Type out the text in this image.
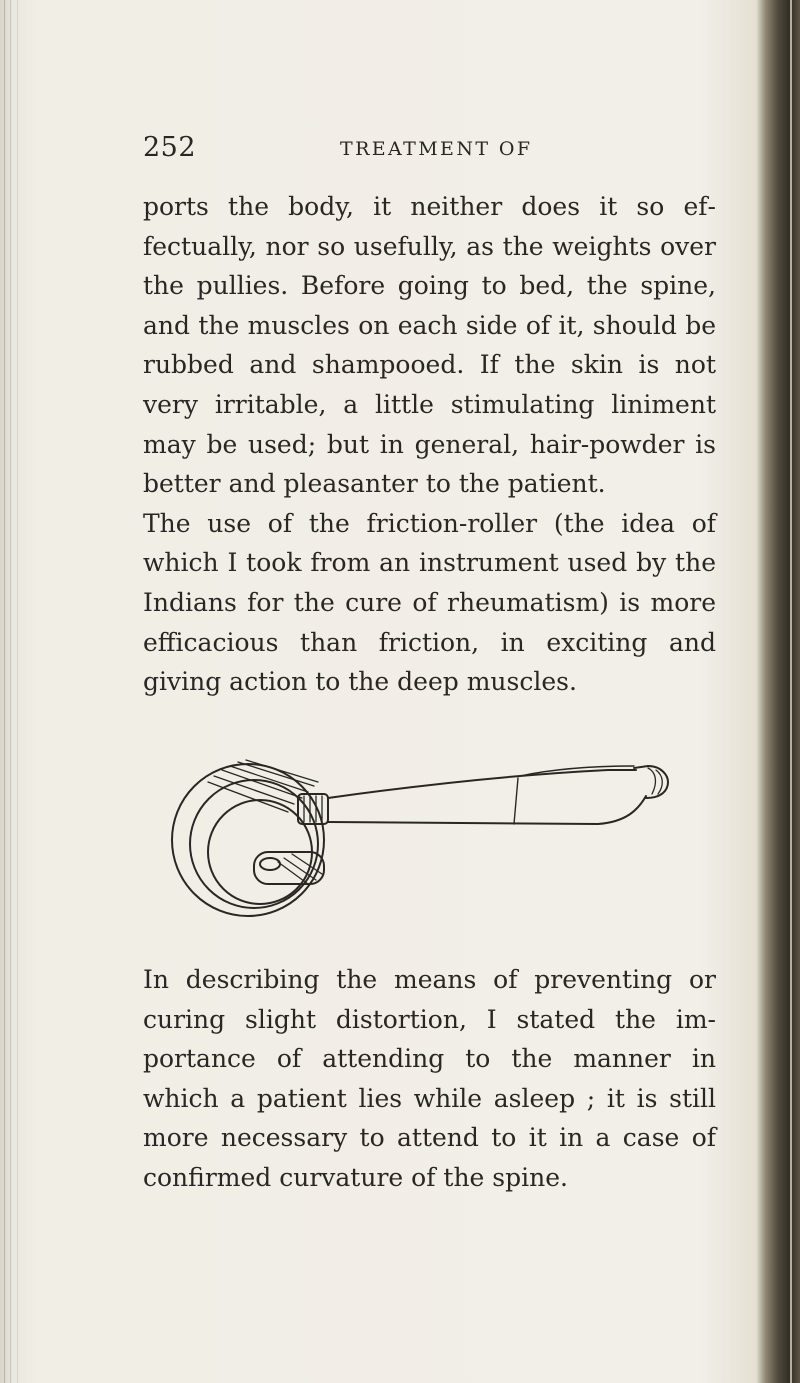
252	TREATMENT OF

ports the body, it neither does it so effectually, nor so usefully, as the weights over the pullies. Before going to bed, the spine, and the muscles on each side of it, should be rubbed and shampooed. If the skin is not very irritable, a little stimulating liniment may be used; but in general, hair-powder is better and pleasanter to the patient.

The use of the friction-roller (the idea of which I took from an instrument used by the Indians for the cure of rheumatism) is more efficacious than friction, in exciting and giving action to the deep muscles.

In describing the means of preventing or curing slight distortion, I stated the importance of attending to the manner in which a patient lies while asleep ; it is still more necessary to attend to it in a case of confirmed curvature of the spine.
